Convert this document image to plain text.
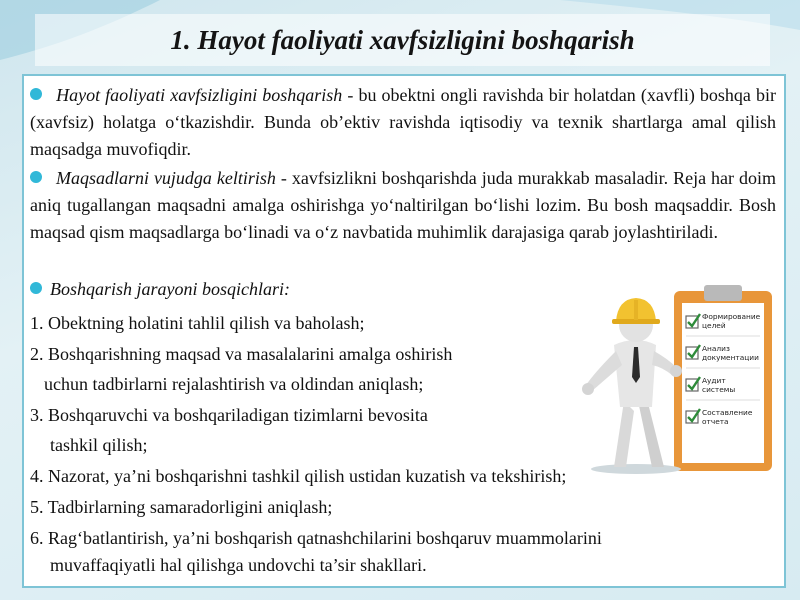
1. Hayot faoliyati xavfsizligini boshqarish
Hayot faoliyati xavfsizligini boshqarish - bu obektni ongli ravishda bir holatdan (xavfli) boshqa bir (xavfsiz) holatga o‘tkazishdir. Bunda ob’ektiv ravishda iqtisodiy va texnik shartlarga amal qilish maqsadga muvofiqdir.
Maqsadlarni vujudga keltirish - xavfsizlikni boshqarishda juda murakkab masaladir. Reja har doim aniq tugallangan maqsadni amalga oshirishga yo‘naltirilgan bo‘lishi lozim. Bu bosh maqsaddir. Bosh maqsad qism maqsadlarga bo‘linadi va o‘z navbatida muhimlik darajasiga qarab joylashtiriladi.
Boshqarish jarayoni bosqichlari:
1. Obektning holatini tahlil qilish va baholash;
2. Boshqarishning maqsad va masalalarini amalga oshirish
uchun tadbirlarni rejalashtirish va oldindan aniqlash;
3. Boshqaruvchi va boshqariladigan tizimlarni bevosita
tashkil qilish;
4. Nazorat, ya’ni boshqarishni tashkil qilish ustidan kuzatish va tekshirish;
5. Tadbirlarning samaradorligini aniqlash;
6. Rag‘batlantirish, ya’ni boshqarish qatnashchilarini boshqaruv muammolarini
muvaffaqiyatli hal qilishga undovchi ta’sir shakllari.
Формирование целей
Анализ документации
Аудит системы
Составление отчета
